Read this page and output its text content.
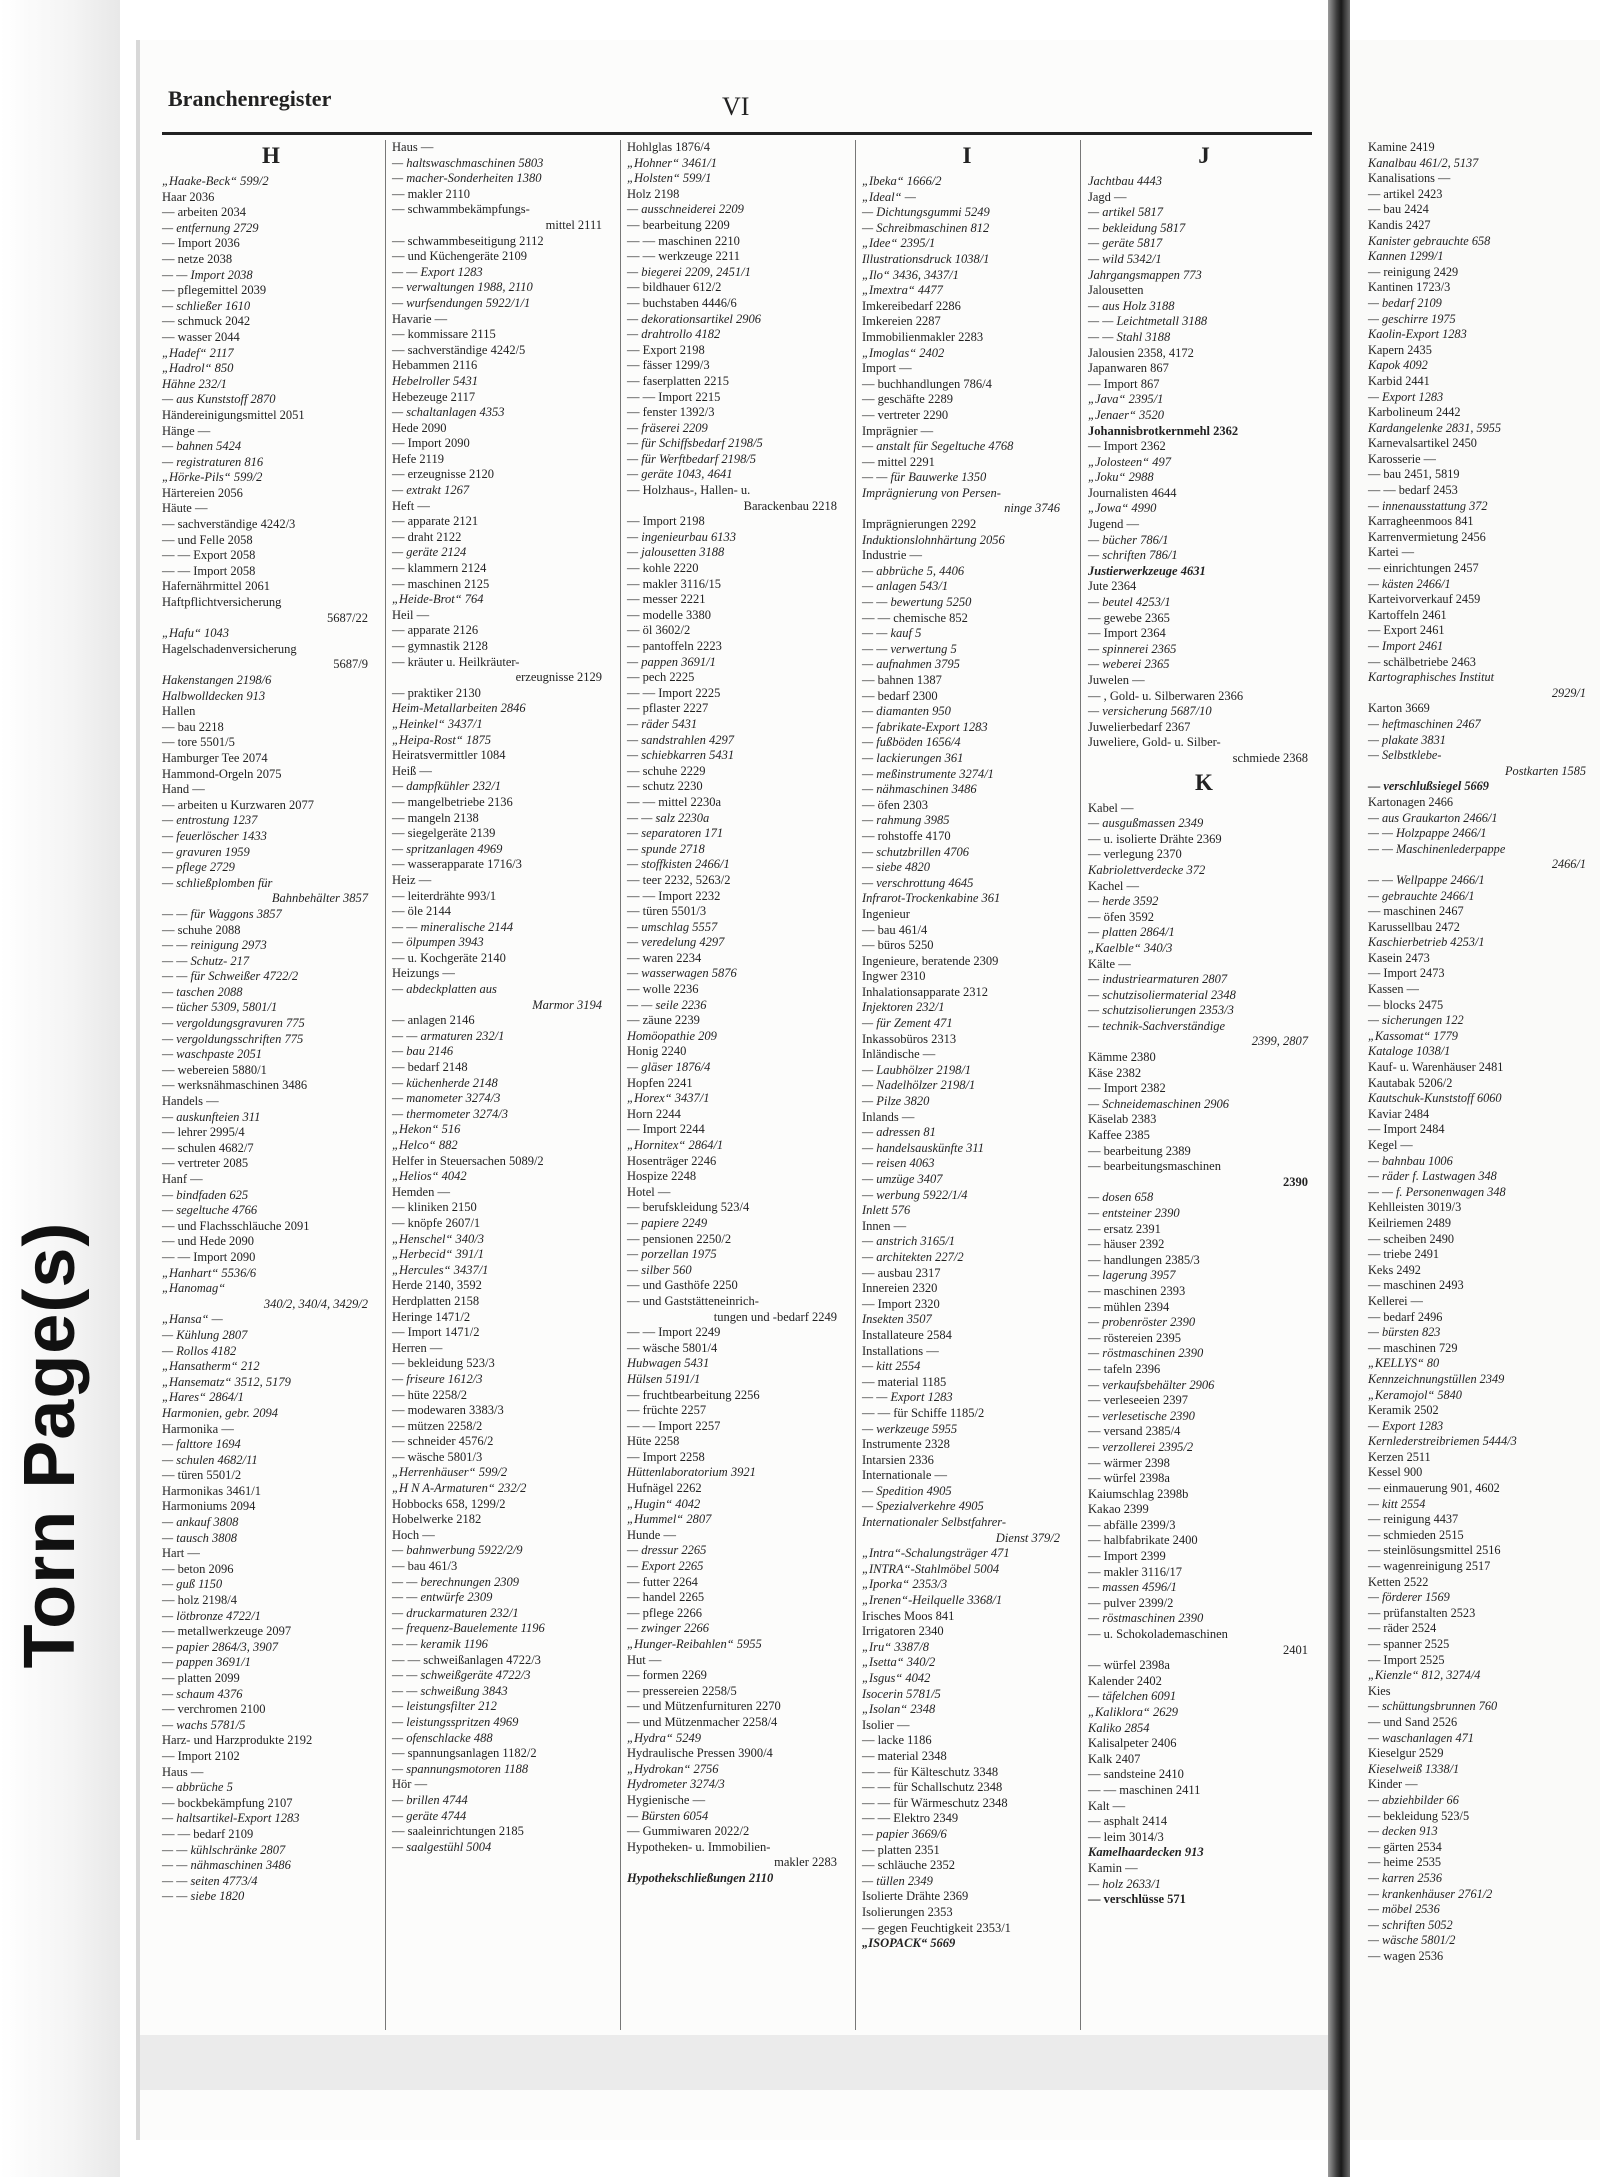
Torn Page(s)
Branchenregister	VI
H
„Haake-Beck“ 599/2
Haar 2036
— arbeiten 2034
— entfernung 2729
— Import 2036
— netze 2038
— — Import 2038
— pflegemittel 2039
— schließer 1610
— schmuck 2042
— wasser 2044
„Hadef“ 2117
„Hadrol“ 850
Hähne 232/1
— aus Kunststoff 2870
Händereinigungsmittel 2051
Hänge —
— bahnen 5424
— registraturen 816
„Hörke-Pils“ 599/2
Härtereien 2056
Häute —
— sachverständige 4242/3
— und Felle 2058
— — Export 2058
— — Import 2058
Hafernährmittel 2061
Haftpflichtversicherung
5687/22
„Hafu“ 1043
Hagelschadenversicherung
5687/9
Hakenstangen 2198/6
Halbwolldecken 913
Hallen
— bau 2218
— tore 5501/5
Hamburger Tee 2074
Hammond-Orgeln 2075
Hand —
— arbeiten u Kurzwaren 2077
— entrostung 1237
— feuerlöscher 1433
— gravuren 1959
— pflege 2729
— schließplomben für
Bahnbehälter 3857
— — für Waggons 3857
— schuhe 2088
— — reinigung 2973
— — Schutz- 217
— — für Schweißer 4722/2
— taschen 2088
— tücher 5309, 5801/1
— vergoldungsgravuren 775
— vergoldungsschriften 775
— waschpaste 2051
— webereien 5880/1
— werksnähmaschinen 3486
Handels —
— auskunfteien 311
— lehrer 2995/4
— schulen 4682/7
— vertreter 2085
Hanf —
— bindfaden 625
— segeltuche 4766
— und Flachsschläuche 2091
— und Hede 2090
— — Import 2090
„Hanhart“ 5536/6
„Hanomag“
340/2, 340/4, 3429/2
„Hansa“ —
— Kühlung 2807
— Rollos 4182
„Hansatherm“ 212
„Hansematz“ 3512, 5179
„Hares“ 2864/1
Harmonien, gebr. 2094
Harmonika —
— falttore 1694
— schulen 4682/11
— türen 5501/2
Harmonikas 3461/1
Harmoniums 2094
— ankauf 3808
— tausch 3808
Hart —
— beton 2096
— guß 1150
— holz 2198/4
— lötbronze 4722/1
— metallwerkzeuge 2097
— papier 2864/3, 3907
— pappen 3691/1
— platten 2099
— schaum 4376
— verchromen 2100
— wachs 5781/5
Harz- und Harzprodukte 2192
— Import 2102
Haus —
— abbrüche 5
— bockbekämpfung 2107
— haltsartikel-Export 1283
— — bedarf 2109
— — kühlschränke 2807
— — nähmaschinen 3486
— — seiten 4773/4
— — siebe 1820
Haus —
— haltswaschmaschinen 5803
— macher-Sonderheiten 1380
— makler 2110
— schwammbekämpfungs-
mittel 2111
— schwammbeseitigung 2112
— und Küchengeräte 2109
— — Export 1283
— verwaltungen 1988, 2110
— wurfsendungen 5922/1/1
Havarie —
— kommissare 2115
— sachverständige 4242/5
Hebammen 2116
Hebelroller 5431
Hebezeuge 2117
— schaltanlagen 4353
Hede 2090
— Import 2090
Hefe 2119
— erzeugnisse 2120
— extrakt 1267
Heft —
— apparate 2121
— draht 2122
— geräte 2124
— klammern 2124
— maschinen 2125
„Heide-Brot“ 764
Heil —
— apparate 2126
— gymnastik 2128
— kräuter u. Heilkräuter-
erzeugnisse 2129
— praktiker 2130
Heim-Metallarbeiten 2846
„Heinkel“ 3437/1
„Heipa-Rost“ 1875
Heiratsvermittler 1084
Heiß —
— dampfkühler 232/1
— mangelbetriebe 2136
— mangeln 2138
— siegelgeräte 2139
— spritzanlagen 4969
— wasserapparate 1716/3
Heiz —
— leiterdrähte 993/1
— öle 2144
— — mineralische 2144
— ölpumpen 3943
— u. Kochgeräte 2140
Heizungs —
— abdeckplatten aus
Marmor 3194
— anlagen 2146
— — armaturen 232/1
— bau 2146
— bedarf 2148
— küchenherde 2148
— manometer 3274/3
— thermometer 3274/3
„Hekon“ 516
„Helco“ 882
Helfer in Steuersachen 5089/2
„Helios“ 4042
Hemden —
— kliniken 2150
— knöpfe 2607/1
„Henschel“ 340/3
„Herbecid“ 391/1
„Hercules“ 3437/1
Herde 2140, 3592
Herdplatten 2158
Heringe 1471/2
— Import 1471/2
Herren —
— bekleidung 523/3
— friseure 1612/3
— hüte 2258/2
— modewaren 3383/3
— mützen 2258/2
— schneider 4576/2
— wäsche 5801/3
„Herrenhäuser“ 599/2
„H N A-Armaturen“ 232/2
Hobbocks 658, 1299/2
Hobelwerke 2182
Hoch —
— bahnwerbung 5922/2/9
— bau 461/3
— — berechnungen 2309
— — entwürfe 2309
— druckarmaturen 232/1
— frequenz-Bauelemente 1196
— — keramik 1196
— — schweißanlagen 4722/3
— — schweißgeräte 4722/3
— — schweißung 3843
— leistungsfilter 212
— leistungsspritzen 4969
— ofenschlacke 488
— spannungsanlagen 1182/2
— spannungsmotoren 1188
Hör —
— brillen 4744
— geräte 4744
— saaleinrichtungen 2185
— saalgestühl 5004
Hohlglas 1876/4
„Hohner“ 3461/1
„Holsten“ 599/1
Holz 2198
— ausschneiderei 2209
— bearbeitung 2209
— — maschinen 2210
— — werkzeuge 2211
— biegerei 2209, 2451/1
— bildhauer 612/2
— buchstaben 4446/6
— dekorationsartikel 2906
— drahtrollo 4182
— Export 2198
— fässer 1299/3
— faserplatten 2215
— — Import 2215
— fenster 1392/3
— fräserei 2209
— für Schiffsbedarf 2198/5
— für Werftbedarf 2198/5
— geräte 1043, 4641
— Holzhaus-, Hallen- u.
Barackenbau 2218
— Import 2198
— ingenieurbau 6133
— jalousetten 3188
— kohle 2220
— makler 3116/15
— messer 2221
— modelle 3380
— öl 3602/2
— pantoffeln 2223
— pappen 3691/1
— pech 2225
— — Import 2225
— pflaster 2227
— räder 5431
— sandstrahlen 4297
— schiebkarren 5431
— schuhe 2229
— schutz 2230
— — mittel 2230a
— — salz 2230a
— separatoren 171
— spunde 2718
— stoffkisten 2466/1
— teer 2232, 5263/2
— — Import 2232
— türen 5501/3
— umschlag 5557
— veredelung 4297
— waren 2234
— wasserwagen 5876
— wolle 2236
— — seile 2236
— zäune 2239
Homöopathie 209
Honig 2240
— gläser 1876/4
Hopfen 2241
„Horex“ 3437/1
Horn 2244
— Import 2244
„Hornitex“ 2864/1
Hosenträger 2246
Hospize 2248
Hotel —
— berufskleidung 523/4
— papiere 2249
— pensionen 2250/2
— porzellan 1975
— silber 560
— und Gasthöfe 2250
— und Gaststätteneinrich-
tungen und -bedarf 2249
— — Import 2249
— wäsche 5801/4
Hubwagen 5431
Hülsen 5191/1
— fruchtbearbeitung 2256
— früchte 2257
— — Import 2257
Hüte 2258
— Import 2258
Hüttenlaboratorium 3921
Hufnägel 2262
„Hugin“ 4042
„Hummel“ 2807
Hunde —
— dressur 2265
— Export 2265
— futter 2264
— handel 2265
— pflege 2266
— zwinger 2266
„Hunger-Reibahlen“ 5955
Hut —
— formen 2269
— pressereien 2258/5
— und Mützenfurnituren 2270
— und Mützenmacher 2258/4
„Hydra“ 5249
Hydraulische Pressen 3900/4
„Hydrokan“ 2756
Hydrometer 3274/3
Hygienische —
— Bürsten 6054
— Gummiwaren 2022/2
Hypotheken- u. Immobilien-
makler 2283
Hypothekschließungen 2110
I
„Ibeka“ 1666/2
„Ideal“ —
— Dichtungsgummi 5249
— Schreibmaschinen 812
„Idee“ 2395/1
Illustrationsdruck 1038/1
„Ilo“ 3436, 3437/1
„Imextra“ 4477
Imkereibedarf 2286
Imkereien 2287
Immobilienmakler 2283
„Imoglas“ 2402
Import —
— buchhandlungen 786/4
— geschäfte 2289
— vertreter 2290
Imprägnier —
— anstalt für Segeltuche 4768
— mittel 2291
— — für Bauwerke 1350
Imprägnierung von Persen-
ninge 3746
Imprägnierungen 2292
Induktionslohnhärtung 2056
Industrie —
— abbrüche 5, 4406
— anlagen 543/1
— — bewertung 5250
— — chemische 852
— — kauf 5
— — verwertung 5
— aufnahmen 3795
— bahnen 1387
— bedarf 2300
— diamanten 950
— fabrikate-Export 1283
— fußböden 1656/4
— lackierungen 361
— meßinstrumente 3274/1
— nähmaschinen 3486
— öfen 2303
— rahmung 3985
— rohstoffe 4170
— schutzbrillen 4706
— siebe 4820
— verschrottung 4645
Infrarot-Trockenkabine 361
Ingenieur
— bau 461/4
— büros 5250
Ingenieure, beratende 2309
Ingwer 2310
Inhalationsapparate 2312
Injektoren 232/1
— für Zement 471
Inkassobüros 2313
Inländische —
— Laubhölzer 2198/1
— Nadelhölzer 2198/1
— Pilze 3820
Inlands —
— adressen 81
— handelsauskünfte 311
— reisen 4063
— umzüge 3407
— werbung 5922/1/4
Inlett 576
Innen —
— anstrich 3165/1
— architekten 227/2
— ausbau 2317
Innereien 2320
— Import 2320
Insekten 3507
Installateure 2584
Installations —
— kitt 2554
— material 1185
— — Export 1283
— — für Schiffe 1185/2
— werkzeuge 5955
Instrumente 2328
Intarsien 2336
Internationale —
— Spedition 4905
— Spezialverkehre 4905
Internationaler Selbstfahrer-
Dienst 379/2
„Intra“-Schalungsträger 471
„INTRA“-Stahlmöbel 5004
„Iporka“ 2353/3
„Irenen“-Heilquelle 3368/1
Irisches Moos 841
Irrigatoren 2340
„Iru“ 3387/8
„Isetta“ 340/2
„Isgus“ 4042
Isocerin 5781/5
„Isolan“ 2348
Isolier —
— lacke 1186
— material 2348
— — für Kälteschutz 3348
— — für Schallschutz 2348
— — für Wärmeschutz 2348
— — Elektro 2349
— papier 3669/6
— platten 2351
— schläuche 2352
— tüllen 2349
Isolierte Drähte 2369
Isolierungen 2353
— gegen Feuchtigkeit 2353/1
„ISOPACK“ 5669
J
Jachtbau 4443
Jagd —
— artikel 5817
— bekleidung 5817
— geräte 5817
— wild 5342/1
Jahrgangsmappen 773
Jalousetten
— aus Holz 3188
— — Leichtmetall 3188
— — Stahl 3188
Jalousien 2358, 4172
Japanwaren 867
— Import 867
„Java“ 2395/1
„Jenaer“ 3520
Johannisbrotkernmehl 2362
— Import 2362
„Jolosteen“ 497
„Joku“ 2988
Journalisten 4644
„Jowa“ 4990
Jugend —
— bücher 786/1
— schriften 786/1
Justierwerkzeuge 4631
Jute 2364
— beutel 4253/1
— gewebe 2365
— Import 2364
— spinnerei 2365
— weberei 2365
Juwelen —
— , Gold- u. Silberwaren 2366
— versicherung 5687/10
Juwelierbedarf 2367
Juweliere, Gold- u. Silber-
schmiede 2368
K
Kabel —
— ausgußmassen 2349
— u. isolierte Drähte 2369
— verlegung 2370
Kabriolettverdecke 372
Kachel —
— herde 3592
— öfen 3592
— platten 2864/1
„Kaelble“ 340/3
Kälte —
— industriearmaturen 2807
— schutzisoliermaterial 2348
— schutzisolierungen 2353/3
— technik-Sachverständige
2399, 2807
Kämme 2380
Käse 2382
— Import 2382
— Schneidemaschinen 2906
Käselab 2383
Kaffee 2385
— bearbeitung 2389
— bearbeitungsmaschinen
2390
— dosen 658
— entsteiner 2390
— ersatz 2391
— häuser 2392
— handlungen 2385/3
— lagerung 3957
— maschinen 2393
— mühlen 2394
— probenröster 2390
— röstereien 2395
— röstmaschinen 2390
— tafeln 2396
— verkaufsbehälter 2906
— verleseeien 2397
— verlesetische 2390
— versand 2385/4
— verzollerei 2395/2
— wärmer 2398
— würfel 2398a
Kaiumschlag 2398b
Kakao 2399
— abfälle 2399/3
— halbfabrikate 2400
— Import 2399
— makler 3116/17
— massen 4596/1
— pulver 2399/2
— röstmaschinen 2390
— u. Schokolademaschinen
2401
— würfel 2398a
Kalender 2402
— täfelchen 6091
„Kaliklora“ 2629
Kaliko 2854
Kalisalpeter 2406
Kalk 2407
— sandsteine 2410
— — maschinen 2411
Kalt —
— asphalt 2414
— leim 3014/3
Kamelhaardecken 913
Kamin —
— holz 2633/1
— verschlüsse 571
Kamine 2419
Kanalbau 461/2, 5137
Kanalisations —
— artikel 2423
— bau 2424
Kandis 2427
Kanister gebrauchte 658
Kannen 1299/1
— reinigung 2429
Kantinen 1723/3
— bedarf 2109
— geschirre 1975
Kaolin-Export 1283
Kapern 2435
Kapok 4092
Karbid 2441
— Export 1283
Karbolineum 2442
Kardangelenke 2831, 5955
Karnevalsartikel 2450
Karosserie —
— bau 2451, 5819
— — bedarf 2453
— innenausstattung 372
Karragheenmoos 841
Karrenvermietung 2456
Kartei —
— einrichtungen 2457
— kästen 2466/1
Karteivorverkauf 2459
Kartoffeln 2461
— Export 2461
— Import 2461
— schälbetriebe 2463
Kartographisches Institut
2929/1
Karton 3669
— heftmaschinen 2467
— plakate 3831
— Selbstklebe-
Postkarten 1585
— verschlußsiegel 5669
Kartonagen 2466
— aus Graukarton 2466/1
— — Holzpappe 2466/1
— — Maschinenlederpappe
2466/1
— — Wellpappe 2466/1
— gebrauchte 2466/1
— maschinen 2467
Karussellbau 2472
Kaschierbetrieb 4253/1
Kasein 2473
— Import 2473
Kassen —
— blocks 2475
— sicherungen 122
„Kassomat“ 1779
Kataloge 1038/1
Kauf- u. Warenhäuser 2481
Kautabak 5206/2
Kautschuk-Kunststoff 6060
Kaviar 2484
— Import 2484
Kegel —
— bahnbau 1006
— räder f. Lastwagen 348
— — f. Personenwagen 348
Kehlleisten 3019/3
Keilriemen 2489
— scheiben 2490
— triebe 2491
Keks 2492
— maschinen 2493
Kellerei —
— bedarf 2496
— bürsten 823
— maschinen 729
„KELLYS“ 80
Kennzeichnungstüllen 2349
„Keramojol“ 5840
Keramik 2502
— Export 1283
Kernlederstreibriemen 5444/3
Kerzen 2511
Kessel 900
— einmauerung 901, 4602
— kitt 2554
— reinigung 4437
— schmieden 2515
— steinlösungsmittel 2516
— wagenreinigung 2517
Ketten 2522
— förderer 1569
— prüfanstalten 2523
— räder 2524
— spanner 2525
— Import 2525
„Kienzle“ 812, 3274/4
Kies
— schüttungsbrunnen 760
— und Sand 2526
— waschanlagen 471
Kieselgur 2529
Kieselweiß 1338/1
Kinder —
— abziehbilder 66
— bekleidung 523/5
— decken 913
— gärten 2534
— heime 2535
— karren 2536
— krankenhäuser 2761/2
— möbel 2536
— schriften 5052
— wäsche 5801/2
— wagen 2536
